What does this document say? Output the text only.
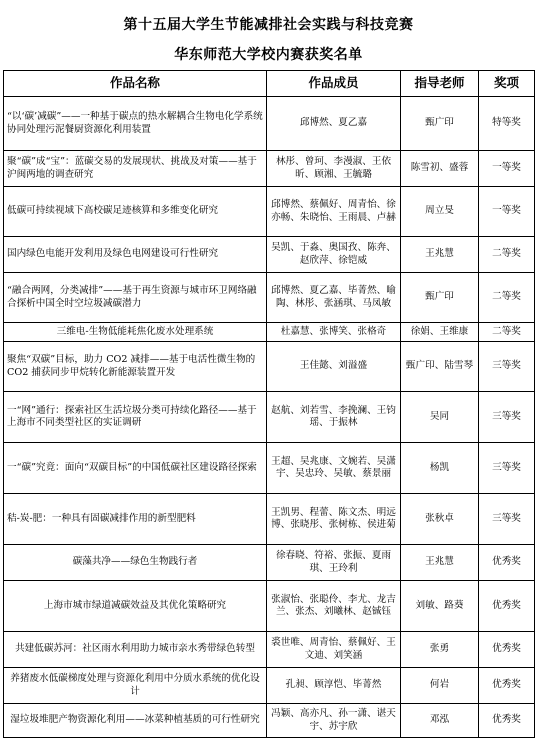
第十五届大学生节能减排社会实践与科技竞赛
华东师范大学校内赛获奖名单
作品名称	作品成员	指导老师	奖项
“以‘碳’减碳”——一种基于碳点的热水解耦合生物电化学系统协同处理污泥餐厨资源化利用装置	邱博然、夏乙嘉	甄广印	特等奖
聚“碳”成“宝”：蓝碳交易的发展现状、挑战及对策——基于沪闽两地的调查研究	林彤、曾珂、李漫淑、王依昕、顾湘、王毓璐	陈雪初、盛蓉	一等奖
低碳可持续视域下高校碳足迹核算和多维变化研究	邱博然、蔡佩好、周青怡、徐亦畅、朱晓怡、王雨晨、卢赫	周立旻	一等奖
国内绿色电能开发利用及绿色电网建设可行性研究	吴凯、于淼、奥国孜、陈奔、赵欣萍、徐铠威	王兆慧	二等奖
“融合两网，分类减排”——基于再生资源与城市环卫网络融合探析中国全时空垃圾减碳潜力	邱博然、夏乙嘉、毕菁然、喻陶、林彤、张涵琪、马凤敏	甄广印	二等奖
三维电-生物低能耗焦化废水处理系统	杜嘉慧、张博笑、张格奇	徐娟、王维康	二等奖
聚焦“双碳”目标，助力 CO2 减排——基于电活性微生物的 CO2 捕获同步甲烷转化新能源装置开发	王佳懿、刘溢盛	甄广印、陆雪琴	三等奖
一“网”通行：探索社区生活垃圾分类可持续化路径——基于上海市不同类型社区的实证调研	赵航、刘若雪、李挽澜、王钧瑶、于振林	吴同	三等奖
一“碳”究竟：面向“双碳目标”的中国低碳社区建设路径探索	王超、吴兆康、文婉若、吴潇宇、吴忠玲、吴敏、蔡景丽	杨凯	三等奖
秸-炭-肥：一种具有固碳减排作用的新型肥料	王凯男、程蕾、陈文杰、明远博、张晓彤、张树栋、侯进菊	张秋卓	三等奖
碳藻共净——绿色生物践行者	徐春晓、符裕、张振、夏雨琪、王玲利	王兆慧	优秀奖
上海市城市绿道减碳效益及其优化策略研究	张淑怡、张聪伶、李尤、龙吉兰、张杰、刘曦林、赵铖钰	刘敏、路葵	优秀奖
共建低碳苏河：社区雨水利用助力城市亲水秀带绿色转型	裘世唯、周青怡、蔡佩好、王文迪、刘笑涵	张勇	优秀奖
养猪废水低碳梯度处理与资源化利用中分质水系统的优化设计	孔昶、顾淳恺、毕菁然	何岩	优秀奖
湿垃圾堆肥产物资源化利用——冰菜种植基质的可行性研究	冯颖、高亦凡、孙一潇、谌天宇、苏宇欣	邓泓	优秀奖
